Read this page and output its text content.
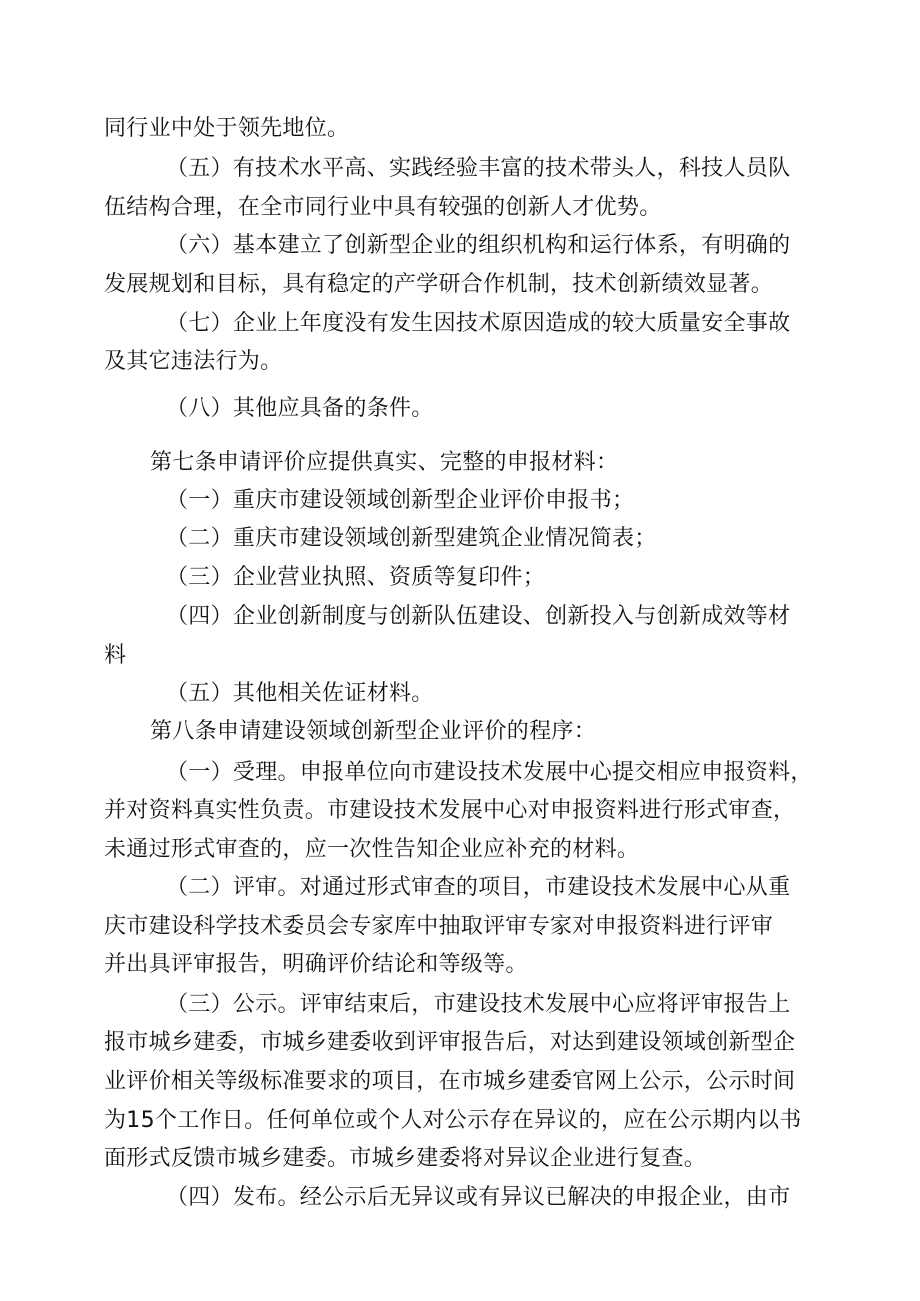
同行业中处于领先地位。
（五）有技术水平高、实践经验丰富的技术带头人，科技人员队
伍结构合理，在全市同行业中具有较强的创新人才优势。
（六）基本建立了创新型企业的组织机构和运行体系，有明确的
发展规划和目标，具有稳定的产学研合作机制，技术创新绩效显著。
（七）企业上年度没有发生因技术原因造成的较大质量安全事故
及其它违法行为。
（八）其他应具备的条件。
第七条申请评价应提供真实、完整的申报材料：
（一）重庆市建设领域创新型企业评价申报书；
（二）重庆市建设领域创新型建筑企业情况简表；
（三）企业营业执照、资质等复印件；
（四）企业创新制度与创新队伍建设、创新投入与创新成效等材
料
（五）其他相关佐证材料。
第八条申请建设领域创新型企业评价的程序：
（一）受理。申报单位向市建设技术发展中心提交相应申报资料，
并对资料真实性负责。市建设技术发展中心对申报资料进行形式审查，
未通过形式审查的，应一次性告知企业应补充的材料。
（二）评审。对通过形式审查的项目，市建设技术发展中心从重
庆市建设科学技术委员会专家库中抽取评审专家对申报资料进行评审
并出具评审报告，明确评价结论和等级等。
（三）公示。评审结束后，市建设技术发展中心应将评审报告上
报市城乡建委，市城乡建委收到评审报告后，对达到建设领域创新型企
业评价相关等级标准要求的项目，在市城乡建委官网上公示，公示时间
为15个工作日。任何单位或个人对公示存在异议的，应在公示期内以书
面形式反馈市城乡建委。市城乡建委将对异议企业进行复查。
（四）发布。经公示后无异议或有异议已解决的申报企业，由市
